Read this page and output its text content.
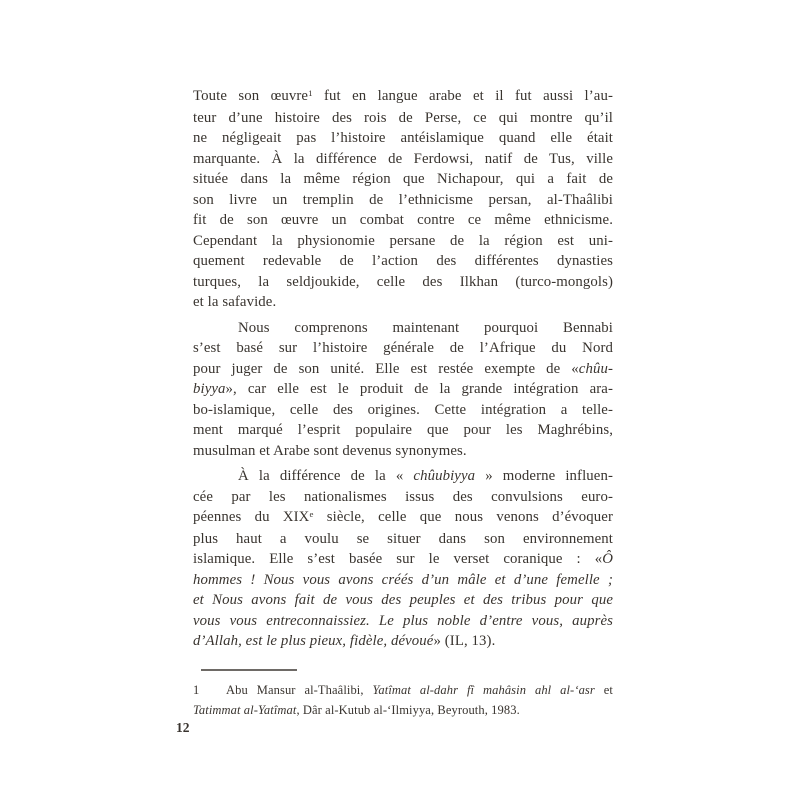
Toute son œuvre$^1$ fut en langue arabe et il fut aussi l’au-
teur d’une histoire des rois de Perse, ce qui montre qu’il
ne négligeait pas l’histoire antéislamique quand elle était
marquante. À la différence de Ferdowsi, natif de Tus, ville
située dans la même région que Nichapour, qui a fait de
son livre un tremplin de l’ethnicisme persan, al-Thaâlibi
fit de son œuvre un combat contre ce même ethnicisme.
Cependant la physionomie persane de la région est uni-
quement redevable de l’action des différentes dynasties
turques, la seldjoukide, celle des Ilkhan (turco-mongols)
et la safavide.
Nous comprenons maintenant pourquoi Bennabi
s’est basé sur l’histoire générale de l’Afrique du Nord
pour juger de son unité. Elle est restée exempte de «chûu-
biyya», car elle est le produit de la grande intégration ara-
bo-islamique, celle des origines. Cette intégration a telle-
ment marqué l’esprit populaire que pour les Maghrébins,
musulman et Arabe sont devenus synonymes.
À la différence de la « chûubiyya » moderne influen-
cée par les nationalismes issus des convulsions euro-
péennes du XIXe siècle, celle que nous venons d’évoquer
plus haut a voulu se situer dans son environnement
islamique. Elle s’est basée sur le verset coranique : «Ô
hommes ! Nous vous avons créés d’un mâle et d’une femelle ;
et Nous avons fait de vous des peuples et des tribus pour que
vous vous entreconnaissiez. Le plus noble d’entre vous, auprès
d’Allah, est le plus pieux, fidèle, dévoué» (IL, 13).
1   Abu Mansur al-Thaâlibi, Yatîmat al-dahr fî mahâsin ahl al-‘asr et
Tatimmat al-Yatîmat, Dâr al-Kutub al-‘Ilmiyya, Beyrouth, 1983.
12
